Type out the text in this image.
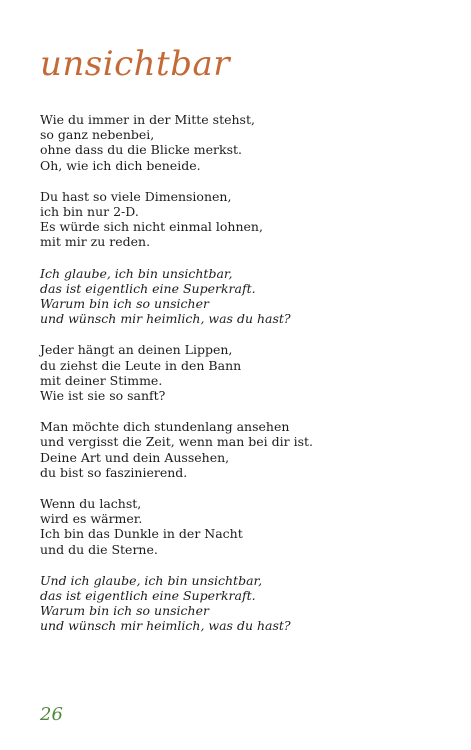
unsichtbar
Wie du immer in der Mitte stehst,
so ganz nebenbei,
ohne dass du die Blicke merkst.
Oh, wie ich dich beneide.
Du hast so viele Dimensionen,
ich bin nur 2-D.
Es würde sich nicht einmal lohnen,
mit mir zu reden.
Ich glaube, ich bin unsichtbar,
das ist eigentlich eine Superkraft.
Warum bin ich so unsicher
und wünsch mir heimlich, was du hast?
Jeder hängt an deinen Lippen,
du ziehst die Leute in den Bann
mit deiner Stimme.
Wie ist sie so sanft?
Man möchte dich stundenlang ansehen
und vergisst die Zeit, wenn man bei dir ist.
Deine Art und dein Aussehen,
du bist so faszinierend.
Wenn du lachst,
wird es wärmer.
Ich bin das Dunkle in der Nacht
und du die Sterne.
Und ich glaube, ich bin unsichtbar,
das ist eigentlich eine Superkraft.
Warum bin ich so unsicher
und wünsch mir heimlich, was du hast?
26
